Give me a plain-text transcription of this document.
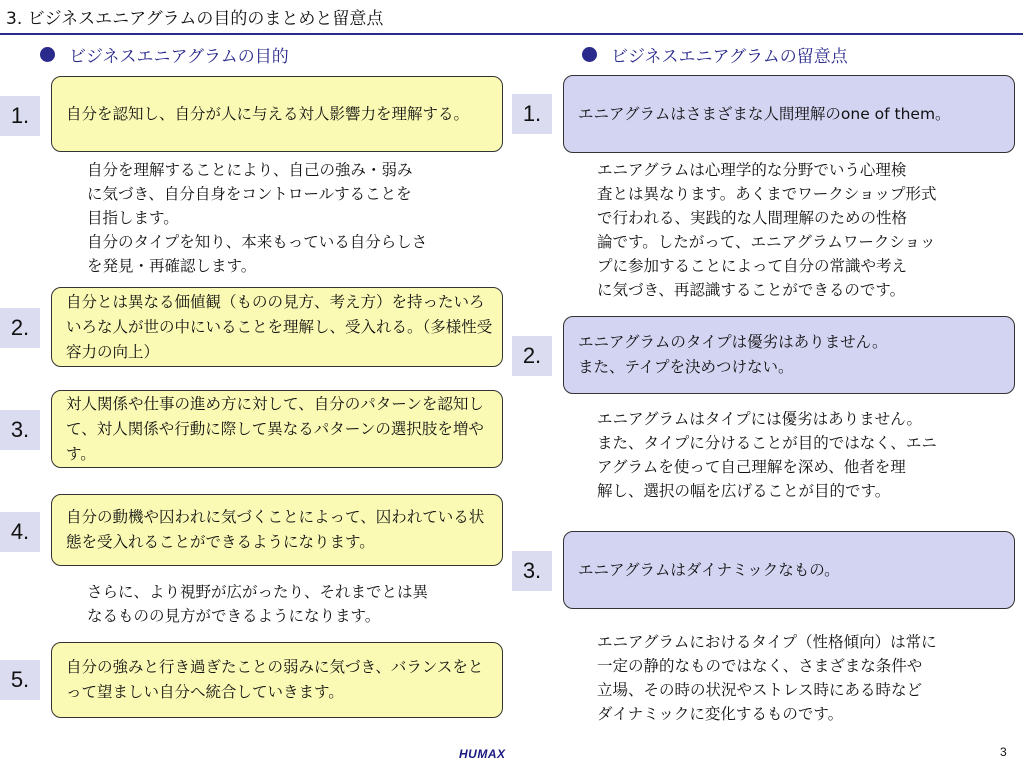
3. ビジネスエニアグラムの目的のまとめと留意点
ビジネスエニアグラムの目的	ビジネスエニアグラムの留意点
1.	自分を認知し、自分が人に与える対人影響力を理解する。
自分を理解することにより、自己の強み・弱み
に気づき、自分自身をコントロールすることを
目指します。
自分のタイプを知り、本来もっている自分らしさ
を発見・再確認します。
2.
自分とは異なる価値観（ものの見方、考え方）を持ったいろいろな人が世の中にいることを理解し、受入れる。（多様性受容力の向上）
3.
対人関係や仕事の進め方に対して、自分のパターンを認知して、対人関係や行動に際して異なるパターンの選択肢を増やす。
4.
自分の動機や囚われに気づくことによって、囚われている状態を受入れることができるようになります。
さらに、より視野が広がったり、それまでとは異
なるものの見方ができるようになります。
5.	自分の強みと行き過ぎたことの弱みに気づき、バランスをとって望ましい自分へ統合していきます。
1.	エニアグラムはさまざまな人間理解のone of them。
エニアグラムは心理学的な分野でいう心理検
査とは異なります。あくまでワークショップ形式
で行われる、実践的な人間理解のための性格
論です。したがって、エニアグラムワークショッ
プに参加することによって自分の常識や考え
に気づき、再認識することができるのです。
2.
エニアグラムのタイプは優劣はありません。
また、テイプを決めつけない。
エニアグラムはタイプには優劣はありません。
また、タイプに分けることが目的ではなく、エニ
アグラムを使って自己理解を深め、他者を理
解し、選択の幅を広げることが目的です。
3.	エニアグラムはダイナミックなもの。
エニアグラムにおけるタイプ（性格傾向）は常に
一定の静的なものではなく、さまざまな条件や
立場、その時の状況やストレス時にある時など
ダイナミックに変化するものです。
HUMAX	3
